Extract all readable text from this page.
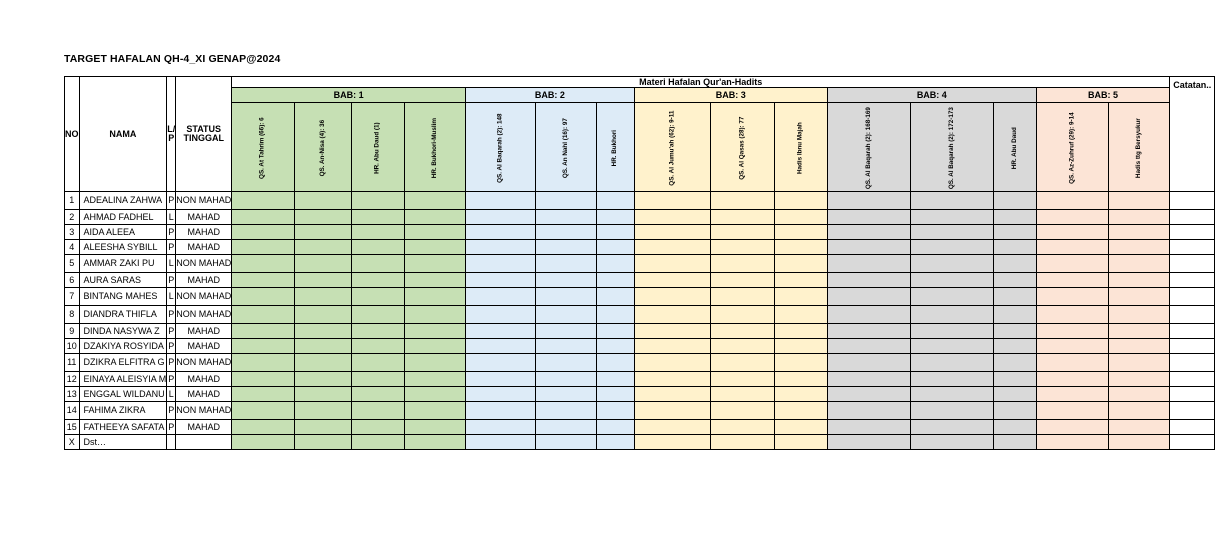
TARGET HAFALAN QH-4_XI GENAP@2024
NO	NAMA	L/ P	STATUS TINGGAL	Materi Hafalan Qur'an-Hadits															Catatan..
				BAB: 1				BAB: 2			BAB: 3			BAB: 4			BAB: 5		
				QS. At Tahrim (66): 6	QS. An-Nisa (4): 36	HR. Abu Daud (1)	HR. Bukhori-Muslim	QS. Al Baqarah (2): 148	QS. An Nahl (16): 97	HR. Bukhori	QS. Al Jumu'ah (62): 9-11	QS. Al Qasas (28): 77	Hadis Ibnu Majah	QS. Al Baqarah (2): 168-169	QS. Al Baqarah (2): 172-173	HR. Abu Daud	QS. Az-Zuhruf (29): 9-14	Hadis ttg Bersyukur	
1	ADEALINA ZAHWA	P	NON MAHAD																
2	AHMAD FADHEL	L	MAHAD																
3	AIDA ALEEA	P	MAHAD																
4	ALEESHA SYBILL	P	MAHAD																
5	AMMAR ZAKI PU	L	NON MAHAD																
6	AURA SARAS	P	MAHAD																
7	BINTANG MAHES	L	NON MAHAD																
8	DIANDRA THIFLA	P	NON MAHAD																
9	DINDA NASYWA Z	P	MAHAD																
10	DZAKIYA ROSYIDA	P	MAHAD																
11	DZIKRA ELFITRA G	P	NON MAHAD																
12	EINAYA ALEISYIA M	P	MAHAD																
13	ENGGAL WILDANU	L	MAHAD																
14	FAHIMA ZIKRA	P	NON MAHAD																
15	FATHEEYA SAFATA	P	MAHAD																
X	Dst…																		
